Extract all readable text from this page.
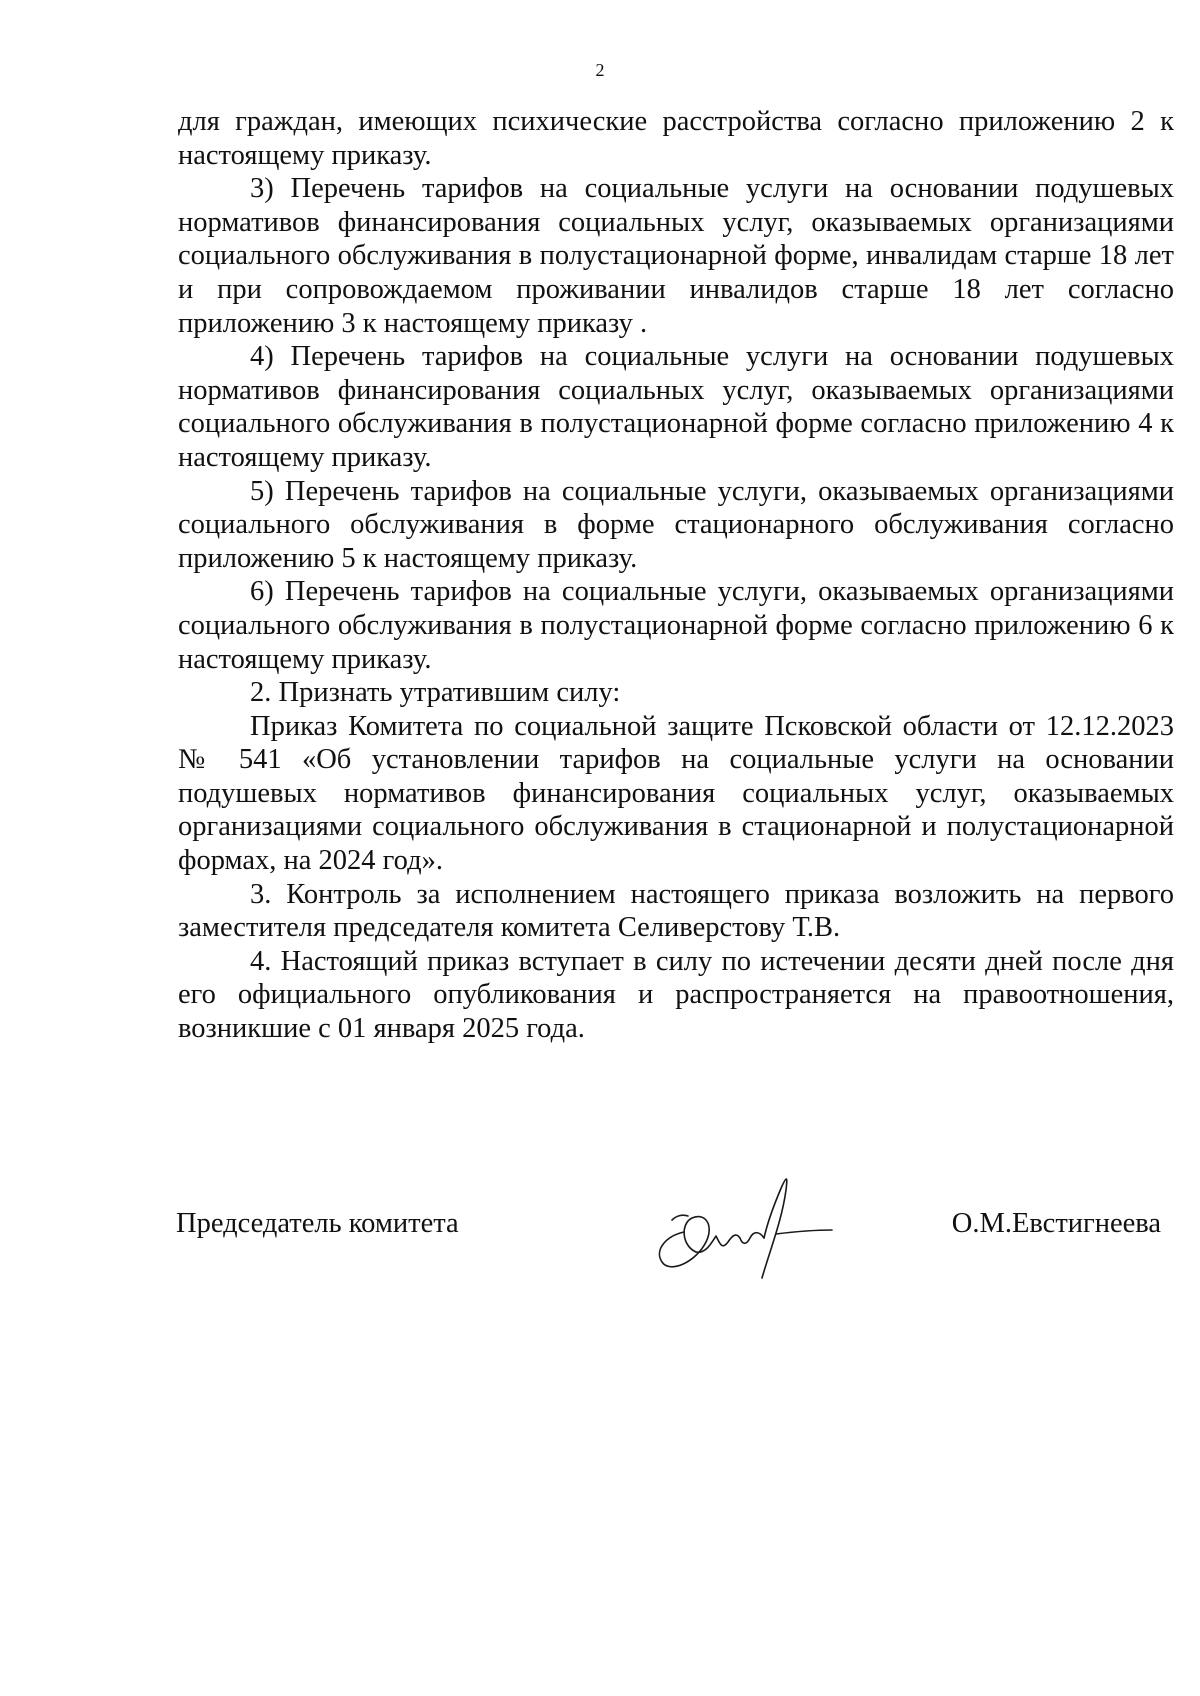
2

для граждан, имеющих психические расстройства согласно приложению 2 к настоящему приказу.

3) Перечень тарифов на социальные услуги на основании подушевых нормативов финансирования социальных услуг, оказываемых организациями социального обслуживания в полустационарной форме, инвалидам старше 18 лет и при сопровождаемом проживании инвалидов старше 18 лет согласно приложению 3 к настоящему приказу .

4) Перечень тарифов на социальные услуги на основании подушевых нормативов финансирования социальных услуг, оказываемых организациями социального обслуживания в полустационарной форме согласно приложению 4 к настоящему приказу.

5) Перечень тарифов на социальные услуги, оказываемых организациями социального обслуживания в форме стационарного обслуживания согласно приложению 5 к настоящему приказу.

6) Перечень тарифов на социальные услуги, оказываемых организациями социального обслуживания в полустационарной форме согласно приложению 6 к настоящему приказу.

2. Признать утратившим силу:

Приказ Комитета по социальной защите Псковской области от 12.12.2023 № 541 «Об установлении тарифов на социальные услуги на основании подушевых нормативов финансирования социальных услуг, оказываемых организациями социального обслуживания в стационарной и полустационарной формах, на 2024 год».

3. Контроль за исполнением настоящего приказа возложить на первого заместителя председателя комитета Селиверстову Т.В.

4. Настоящий приказ вступает в силу по истечении десяти дней после дня его официального опубликования и распространяется на правоотношения, возникшие с 01 января 2025 года.

Председатель комитета	О.М.Евстигнеева
